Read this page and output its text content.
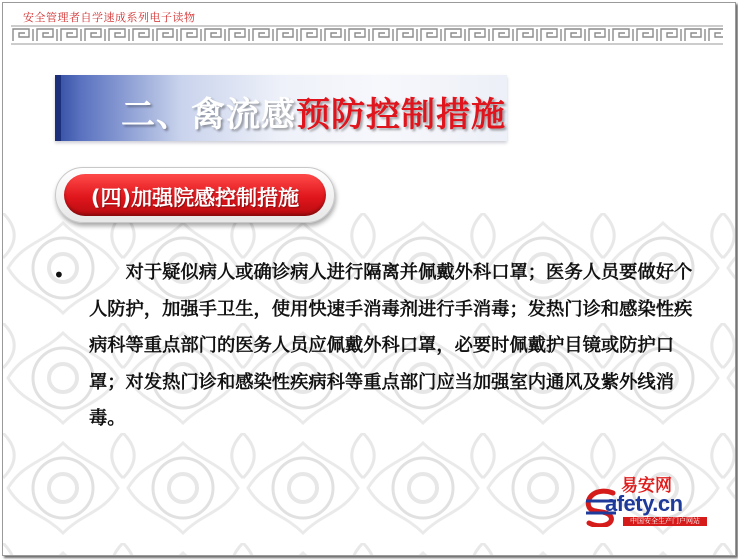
安全管理者自学速成系列电子读物
二、禽流感预防控制措施
(四)加强院感控制措施
•	对于疑似病人或确诊病人进行隔离并佩戴外科口罩；医务人员要做好个人防护，加强手卫生，使用快速手消毒剂进行手消毒；发热门诊和感染性疾病科等重点部门的医务人员应佩戴外科口罩，必要时佩戴护目镜或防护口罩；对发热门诊和感染性疾病科等重点部门应当加强室内通风及紫外线消毒。
易安网
afety.cn
中国安全生产门户网站
